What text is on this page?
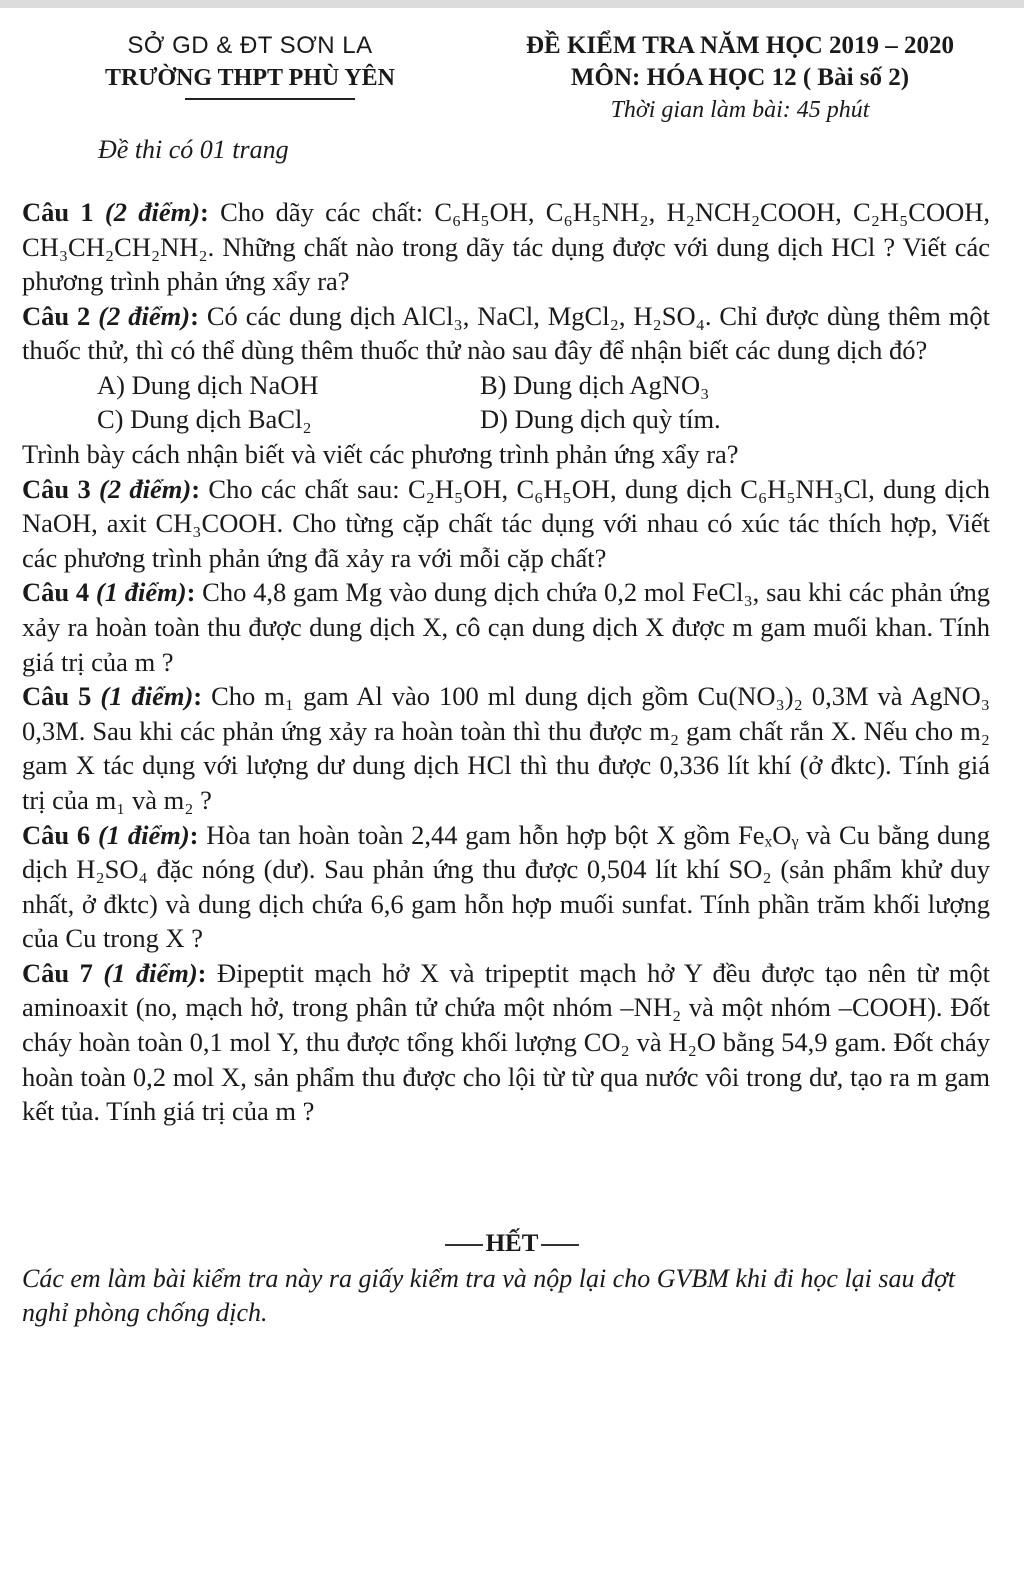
SỞ GD & ĐT SƠN LA
TRƯỜNG THPT PHÙ YÊN
ĐỀ KIỂM TRA NĂM HỌC 2019 – 2020
MÔN: HÓA HỌC 12 ( Bài số 2)
Thời gian làm bài: 45 phút
Đề thi có 01 trang

Câu 1 (2 điểm): Cho dãy các chất: C₆H₅OH, C₆H₅NH₂, H₂NCH₂COOH, C₂H₅COOH, CH₃CH₂CH₂NH₂. Những chất nào trong dãy tác dụng được với dung dịch HCl ? Viết các phương trình phản ứng xẩy ra?

Câu 2 (2 điểm): Có các dung dịch AlCl₃, NaCl, MgCl₂, H₂SO₄. Chỉ được dùng thêm một thuốc thử, thì có thể dùng thêm thuốc thử nào sau đây để nhận biết các dung dịch đó?

A) Dung dịch NaOH	B) Dung dịch AgNO₃
C) Dung dịch BaCl₂	D) Dung dịch quỳ tím.

Trình bày cách nhận biết và viết các phương trình phản ứng xẩy ra?

Câu 3 (2 điểm): Cho các chất sau: C₂H₅OH, C₆H₅OH, dung dịch C₆H₅NH₃Cl, dung dịch NaOH, axit CH₃COOH. Cho từng cặp chất tác dụng với nhau có xúc tác thích hợp, Viết các phương trình phản ứng đã xảy ra với mỗi cặp chất?

Câu 4 (1 điểm): Cho 4,8 gam Mg vào dung dịch chứa 0,2 mol FeCl₃, sau khi các phản ứng xảy ra hoàn toàn thu được dung dịch X, cô cạn dung dịch X được m gam muối khan. Tính giá trị của m ?

Câu 5 (1 điểm): Cho m₁ gam Al vào 100 ml dung dịch gồm Cu(NO₃)₂ 0,3M và AgNO₃ 0,3M. Sau khi các phản ứng xảy ra hoàn toàn thì thu được m₂ gam chất rắn X. Nếu cho m₂ gam X tác dụng với lượng dư dung dịch HCl thì thu được 0,336 lít khí (ở đktc). Tính giá trị của m₁ và m₂ ?

Câu 6 (1 điểm): Hòa tan hoàn toàn 2,44 gam hỗn hợp bột X gồm FeₓOᵧ và Cu bằng dung dịch H₂SO₄ đặc nóng (dư). Sau phản ứng thu được 0,504 lít khí SO₂ (sản phẩm khử duy nhất, ở đktc) và dung dịch chứa 6,6 gam hỗn hợp muối sunfat. Tính phần trăm khối lượng của Cu trong X ?

Câu 7 (1 điểm): Đipeptit mạch hở X và tripeptit mạch hở Y đều được tạo nên từ một aminoaxit (no, mạch hở, trong phân tử chứa một nhóm –NH₂ và một nhóm –COOH). Đốt cháy hoàn toàn 0,1 mol Y, thu được tổng khối lượng CO₂ và H₂O bằng 54,9 gam. Đốt cháy hoàn toàn 0,2 mol X, sản phẩm thu được cho lội từ từ qua nước vôi trong dư, tạo ra m gam kết tủa. Tính giá trị của m ?

HẾT
Các em làm bài kiểm tra này ra giấy kiểm tra và nộp lại cho GVBM khi đi học lại sau đợt nghỉ phòng chống dịch.
